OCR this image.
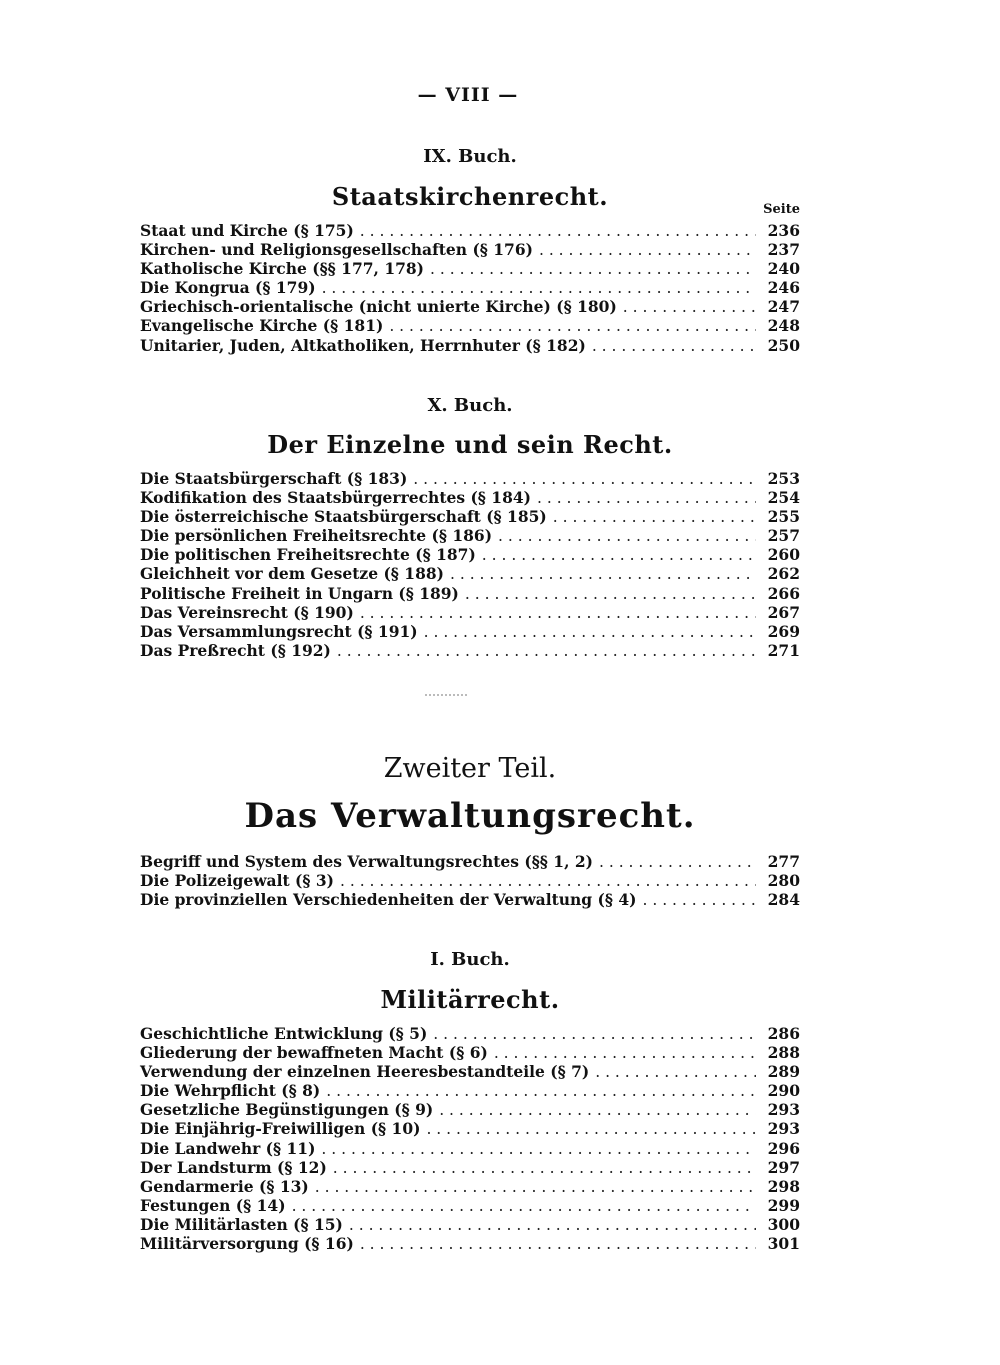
— VIII —
IX. Buch.
Staatskirchenrecht.	Seite
Staat und Kirche (§ 175) . . .	236
Kirchen- und Religionsgesellschaften (§ 176) . . .	237
Katholische Kirche (§§ 177, 178) . . .	240
Die Kongrua (§ 179) . . .	246
Griechisch-orientalische (nicht unierte Kirche) (§ 180) . . .	247
Evangelische Kirche (§ 181) . . .	248
Unitarier, Juden, Altkatholiken, Herrnhuter (§ 182) . . .	250
X. Buch.
Der Einzelne und sein Recht.
Die Staatsbürgerschaft (§ 183) . . .	253
Kodifikation des Staatsbürgerrechtes (§ 184) . . .	254
Die österreichische Staatsbürgerschaft (§ 185) . . .	255
Die persönlichen Freiheitsrechte (§ 186) . . .	257
Die politischen Freiheitsrechte (§ 187) . . .	260
Gleichheit vor dem Gesetze (§ 188) . . .	262
Politische Freiheit in Ungarn (§ 189) . . .	266
Das Vereinsrecht (§ 190) . . .	267
Das Versammlungsrecht (§ 191) . . .	269
Das Preßrecht (§ 192) . . .	271
Zweiter Teil.
Das Verwaltungsrecht.
Begriff und System des Verwaltungsrechtes (§§ 1, 2) . . .	277
Die Polizeigewalt (§ 3) . . .	280
Die provinziellen Verschiedenheiten der Verwaltung (§ 4) . . .	284
I. Buch.
Militärrecht.
Geschichtliche Entwicklung (§ 5) . . .	286
Gliederung der bewaffneten Macht (§ 6) . . .	288
Verwendung der einzelnen Heeresbestandteile (§ 7) . . .	289
Die Wehrpflicht (§ 8) . . .	290
Gesetzliche Begünstigungen (§ 9) . . .	293
Die Einjährig-Freiwilligen (§ 10) . . .	293
Die Landwehr (§ 11) . . .	296
Der Landsturm (§ 12) . . .	297
Gendarmerie (§ 13) . . .	298
Festungen (§ 14) . . .	299
Die Militärlasten (§ 15) . . .	300
Militärversorgung (§ 16) . . .	301
